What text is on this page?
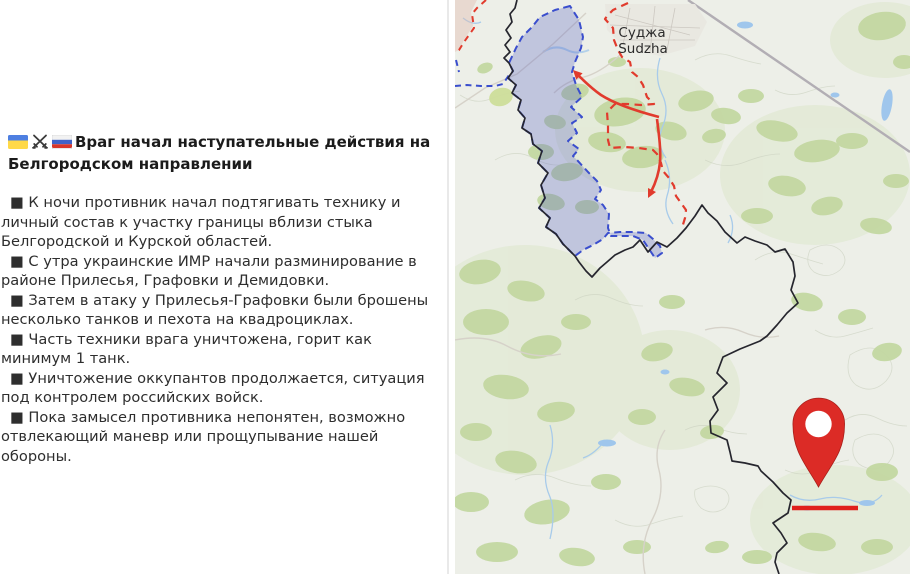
Враг начал наступательные действия на Белгородском направлении

■ К ночи противник начал подтягивать технику и личный состав к участку границы вблизи стыка Белгородской и Курской областей.

■ С утра украинские ИМР начали разминирование в районе Прилесья, Графовки и Демидовки.

■ Затем в атаку у Прилесья-Графовки были брошены несколько танков и пехота на квадроциклах.

■ Часть техники врага уничтожена, горит как минимум 1 танк.

■ Уничтожение оккупантов продолжается, ситуация под контролем российских войск.

■ Пока замысел противника непонятен, возможно отвлекающий маневр или прощупывание нашей обороны.

Суджа
Sudzha
